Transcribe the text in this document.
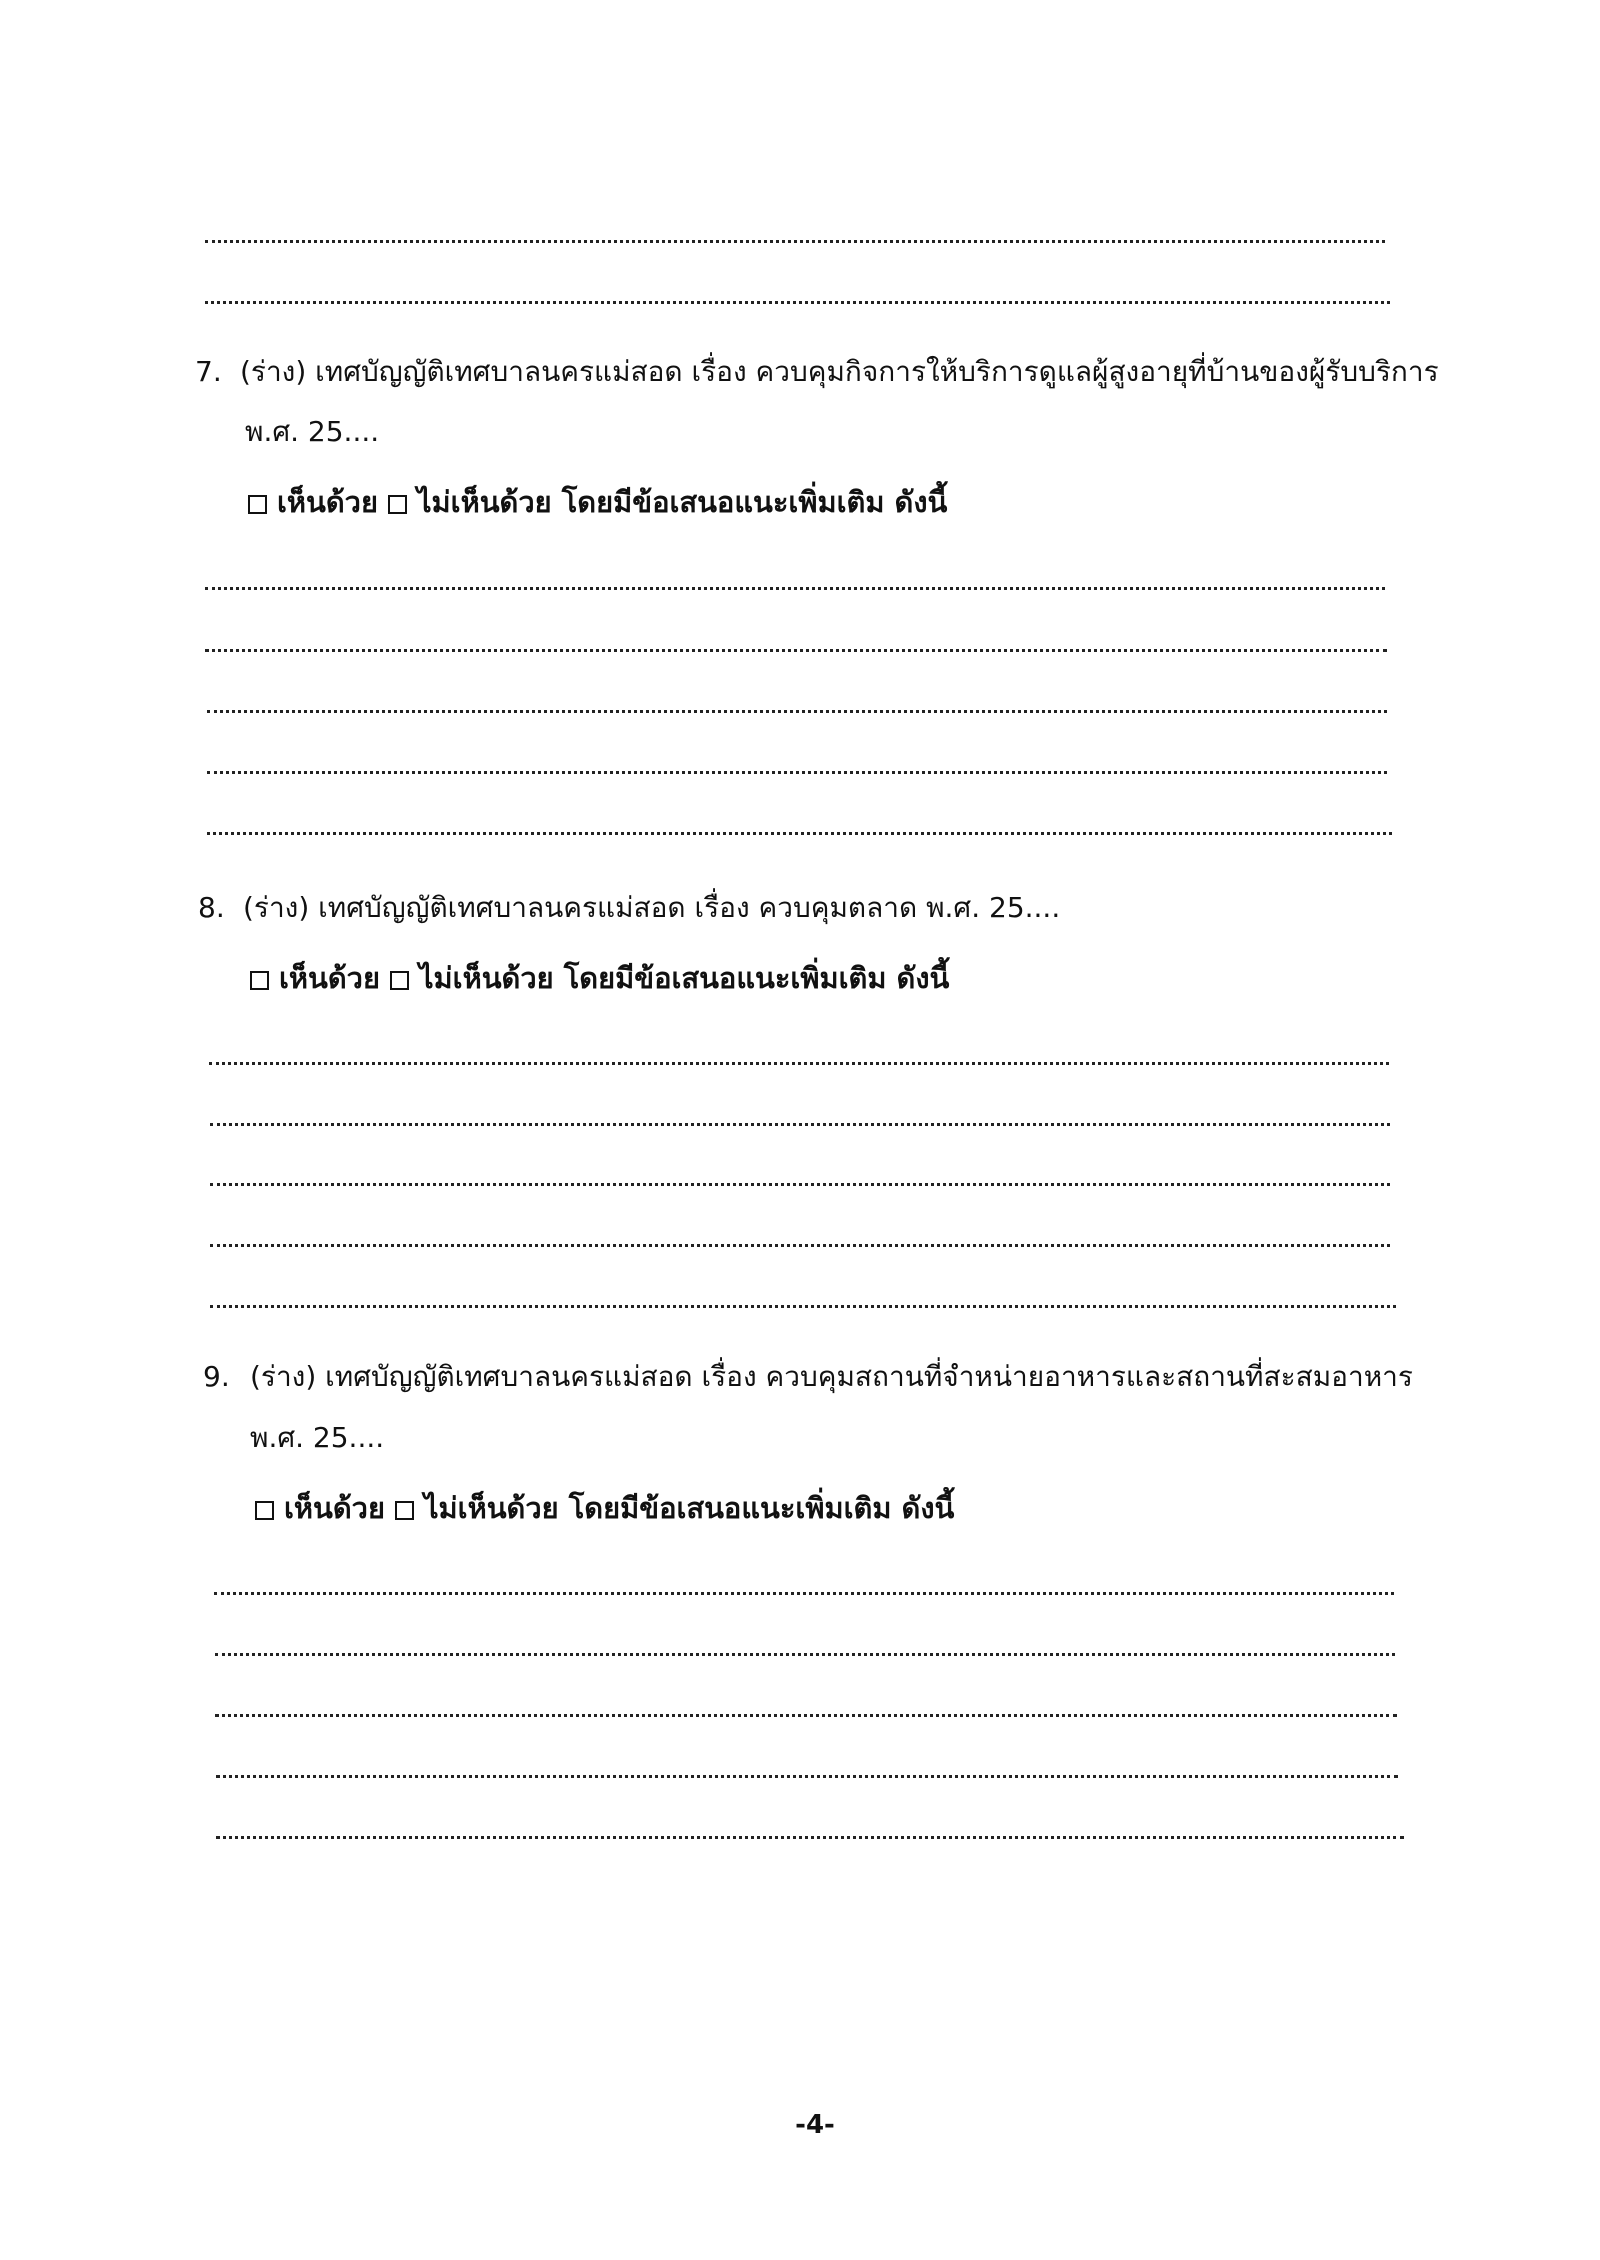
7. (ร่าง) เทศบัญญัติเทศบาลนครแม่สอด เรื่อง ควบคุมกิจการให้บริการดูแลผู้สูงอายุที่บ้านของผู้รับบริการ
พ.ศ. 25....
เห็นด้วย ไม่เห็นด้วย โดยมีข้อเสนอแนะเพิ่มเติม ดังนี้
8. (ร่าง) เทศบัญญัติเทศบาลนครแม่สอด เรื่อง ควบคุมตลาด พ.ศ. 25....
เห็นด้วย ไม่เห็นด้วย โดยมีข้อเสนอแนะเพิ่มเติม ดังนี้
9. (ร่าง) เทศบัญญัติเทศบาลนครแม่สอด เรื่อง ควบคุมสถานที่จำหน่ายอาหารและสถานที่สะสมอาหาร
พ.ศ. 25....
เห็นด้วย ไม่เห็นด้วย โดยมีข้อเสนอแนะเพิ่มเติม ดังนี้
-4-
